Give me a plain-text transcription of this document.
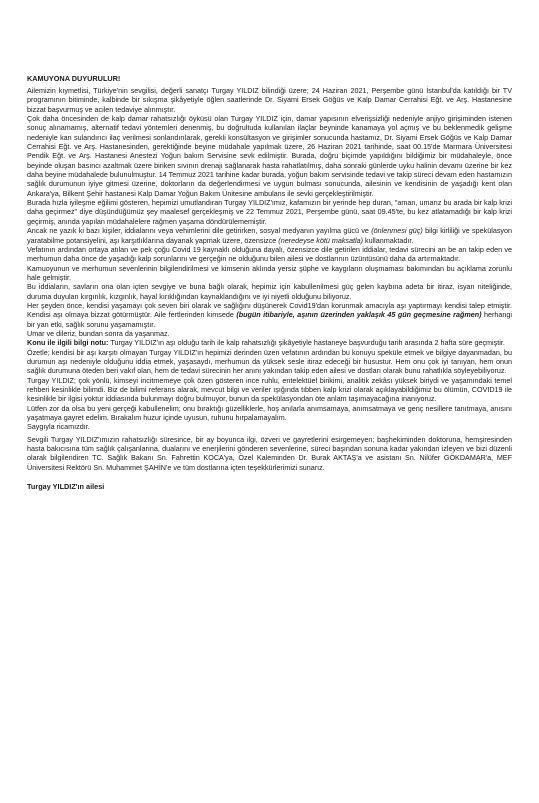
KAMUYONA DUYURULUR!

Ailemizin kıymetlisi, Türkiye'nin sevgilisi, değerli sanatçı Turgay YILDIZ bilindiği üzere; 24 Haziran 2021, Perşembe günü İstanbul'da katıldığı bir TV programının bitiminde, kalbinde bir sıkışma şikâyetiyle öğlen saatlerinde Dr. Siyami Ersek Göğüs ve Kalp Damar Cerrahisi Eğt. ve Arş. Hastanesine bizzat başvurmuş ve acilen tedaviye alınmıştır.

Çok daha öncesinden de kalp damar rahatsızlığı öyküsü olan Turgay YILDIZ için, damar yapısının elverişsizliği nedeniyle anjiyo girişiminden istenen sonuç alınamamış, alternatif tedavi yöntemleri denenmiş, bu doğrultuda kullanılan ilaçlar beyninde kanamaya yol açmış ve bu beklenmedik gelişme nedeniyle kan sulandırıcı ilaç verilmesi sonlandırılarak, gerekli konsültasyon ve girişimler sonucunda hastamız, Dr. Siyami Ersek Göğüs ve Kalp Damar Cerrahisi Eğt. ve Arş. Hastanesinden, gerektiğinde beyine müdahale yapılmak üzere, 26 Haziran 2021 tarihinde, saat 00.15'de Marmara Üniversitesi Pendik Eğt. ve Arş. Hastanesi Anestezi Yoğun bakım Servisine sevk edilmiştir. Burada, doğru biçimde yapıldığını bildiğimiz bir müdahaleyle, önce beyinde oluşan basıncı azaltmak üzere biriken sıvının drenajı sağlanarak hasta rahatlatılmış, daha sonraki günlerde uyku halinin devamı üzerine bir kez daha beyine müdahalede bulunulmuştur. 14 Temmuz 2021 tarihine kadar burada, yoğun bakım servisinde tedavi ve takip süreci devam eden hastamızın sağlık durumunun iyiye gitmesi üzerine, doktorların da değerlendirmesi ve uygun bulması sonucunda, ailesinin ve kendisinin de yaşadığı kent olan Ankara'ya, Bilkent Şehir hastanesi Kalp Damar Yoğun Bakım Ünitesine ambulans ile sevki gerçekleştirilmiştir.

Burada hızla iyileşme eğilimi gösteren, hepimizi umutlandıran Turgay YILDIZ'ımız, kafamızın bir yerinde hep duran, "aman, umarız bu arada bir kalp krizi daha geçirmez" diye düşündüğümüz şey maalesef gerçekleşmiş ve 22 Temmuz 2021, Perşembe günü, saat 09.45'te, bu kez atlatamadığı bir kalp krizi geçirmiş, anında yapılan müdahalelere rağmen yaşama döndürülememiştir.

Ancak ne yazık ki bazı kişiler, iddialarını veya vehimlerini dile getirirken, sosyal medyanın yayılma gücü ve (önlenmesi güç) bilgi kirliliği ve spekülasyon yaratabilme potansiyelini, aşı karşıtlıklarına dayanak yapmak üzere, özensizce (neredeyse kötü maksatla) kullanmaktadır.

Vefatının ardından ortaya atılan ve pek çoğu Covid 19 kaynaklı olduğuna dayalı, özensizce dile getirilen iddialar, tedavi sürecini an be an takip eden ve merhumun daha önce de yaşadığı kalp sorunlarını ve gerçeğin ne olduğunu bilen ailesi ve dostlarının üzüntüsünü daha da artırmaktadır.

Kamuoyunun ve merhumun sevenlerinin bilgilendirilmesi ve kimsenin aklında yersiz şüphe ve kaygıların oluşmaması bakımından bu açıklama zorunlu hale gelmiştir.

Bu iddiaların, savların ona olan içten sevgiye ve buna bağlı olarak, hepimiz için kabullenilmesi güç gelen kaybına adeta bir itiraz, isyan niteliğinde, duruma duyulan kırgınlık, kızgınlık, hayal kırıklığından kaynaklandığını ve iyi niyetli olduğunu biliyoruz.

Her şeyden önce, kendisi yaşamayı çok seven biri olarak ve sağlığını düşünerek Covid19'dan korunmak amacıyla aşı yaptırmayı kendisi talep etmiştir. Kendisi aşı olmaya bizzat götürmüştür. Aile fertlerinden kimsede (bugün itibariyle, aşının üzerinden yaklaşık 45 gün geçmesine rağmen) herhangi bir yan etki, sağlık sorunu yaşamamıştır.

Umar ve dileriz, bundan sonra da yaşanmaz.

Konu ile ilgili bilgi notu: Turgay YILDIZ'ın aşı olduğu tarih ile kalp rahatsızlığı şikâyetiyle hastaneye başvurduğu tarih arasında 2 hafta süre geçmiştir.

Özetle; kendisi bir aşı karşıtı olmayan Turgay YILDIZ'ın hepimizi derinden üzen vefatının ardından bu konuyu spekülе etmek ve bilgiye dayanmadan, bu durumun aşı nedeniyle olduğunu iddia etmek, yaşasaydı, merhumun da yüksek sesle itiraz edeceği bir husustur. Hem onu çok iyi tanıyan, hem onun sağlık durumuna öteden beri vakıf olan, hem de tedavi sürecinin her anını yakından takip eden ailesi ve dostları olarak bunu rahatlıkla söyleyebiliyoruz.

Turgay YILDIZ; çok yönlü, kimseyi incitmemeye çok özen gösteren ince ruhlu, entelektüel birikimi, analitik zekâsı yüksek biriydi ve yaşamındaki temel rehberi kesinlikle bilimdi. Biz de bilimi referans alarak, mevcut bilgi ve veriler ışığında tıbben kalp krizi olarak açıklayabildiğimiz bu ölümün, COVID19 ile kesinlikle bir ilgisi yoktur iddiasında bulunmayı doğru bulmuyor, bunun da spekülasyondan öte anlam taşımayacağına inanıyoruz.

Lütfen zor da olsa bu yeni gerçeği kabullenelim; onu bıraktığı güzelliklerle, hoş anılarla anımsamaya, anımsatmaya ve genç nesillere tanıtmaya, anısını yaşatmaya gayret edelim. Bırakalım huzur içinde uyusun, ruhunu hırpalamayalım.

Saygıyla ricamızdır.

Sevgili Turgay YILDIZ'ımızın rahatsızlığı süresince, bir ay boyunca ilgi, özveri ve gayretlerini esirgemeyen; başhekiminden doktoruna, hemşiresinden hasta bakıcısına tüm sağlık çalışanlarına, dualarını ve enerjilerini gönderen sevenlerine, süreci başından sonuna kadar yakından izleyen ve bizi düzenli olarak bilgilendiren TC. Sağlık Bakanı Sn. Fahrettin KOCA'ya, Özel Kaleminden Dr. Burak AKTAŞ'a ve asistanı Sn. Nilüfer GÖKDAMAR'a, MEF Üniversitesi Rektörü Sn. Muhammet ŞAHİN'e ve tüm dostlarına içten teşekkürlerimizi sunarız.

Turgay YILDIZ'ın ailesi
